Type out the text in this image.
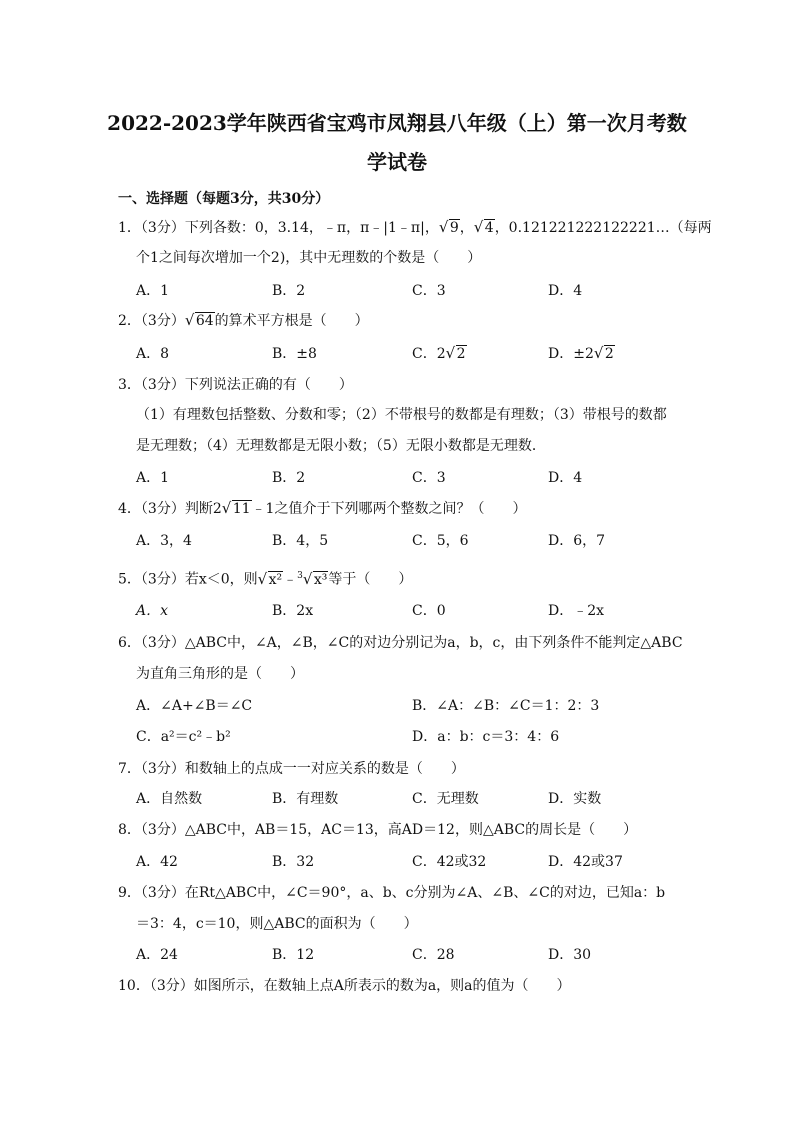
2022-2023学年陕西省宝鸡市凤翔县八年级（上）第一次月考数
学试卷
一、选择题（每题3分，共30分）
1．（3分）下列各数：0，3.14，﹣π，π﹣|1﹣π|， √ 9， √ 4，0.121221222122221…（每两
个1之间每次增加一个2)，其中无理数的个数是（　　）
A．1	B．2	C．3	D．4
2．（3分） √ 64的算术平方根是（　　）
A．8	B．±8	C．2 √ 2	D．±2 √ 2
3．（3分）下列说法正确的有（　　）
（1）有理数包括整数、分数和零；（2）不带根号的数都是有理数；（3）带根号的数都
是无理数；（4）无理数都是无限小数；（5）无限小数都是无理数．
A．1	B．2	C．3	D．4
4．（3分）判断2 √ 11﹣1之值介于下列哪两个整数之间？（　　）
A．3，4	B．4，5	C．5，6	D．6，7
5．（3分）若x＜0，则 √ x²﹣$^3$ √ x³等于（　　）
A．x	B．2x	C．0	D．﹣2x
6．（3分）△ABC中，∠A，∠B，∠C的对边分别记为a，b，c，由下列条件不能判定△ABC
为直角三角形的是（　　）
A．∠A+∠B＝∠C	B．∠A：∠B：∠C＝1：2：3
C．a²＝c²﹣b²	D．a：b：c＝3：4：6
7．（3分）和数轴上的点成一一对应关系的数是（　　）
A．自然数	B．有理数	C．无理数	D．实数
8．（3分）△ABC中，AB＝15，AC＝13，高AD＝12，则△ABC的周长是（　　）
A．42	B．32	C．42或32	D．42或37
9．（3分）在Rt△ABC中，∠C＝90°，a、b、c分别为∠A、∠B、∠C的对边，已知a：b
＝3：4，c＝10，则△ABC的面积为（　　）
A．24	B．12	C．28	D．30
10．（3分）如图所示，在数轴上点A所表示的数为a，则a的值为（　　）
